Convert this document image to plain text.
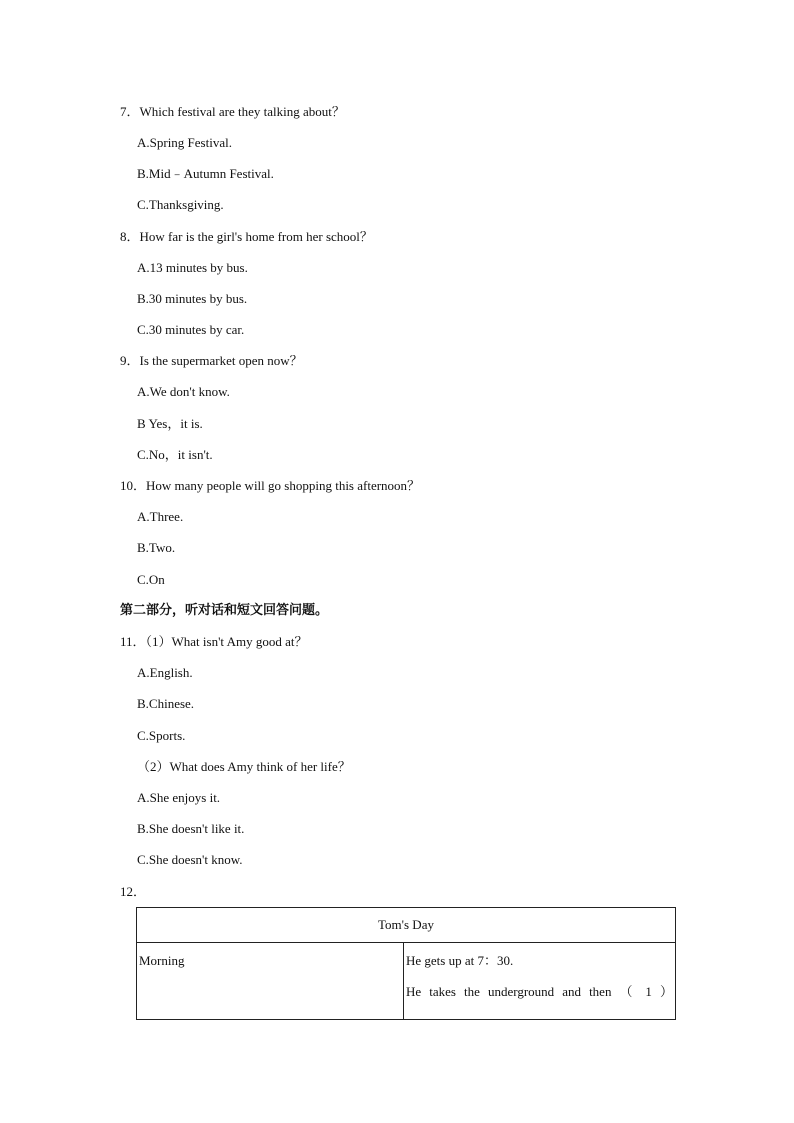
7．Which festival are they talking about？
A.Spring Festival.
B.Mid﹣Autumn Festival.
C.Thanksgiving.
8．How far is the girl's home from her school？
A.13 minutes by bus.
B.30 minutes by bus.
C.30 minutes by car.
9．Is the supermarket open now？
A.We don't know.
B Yes，it is.
C.No，it isn't.
10．How many people will go shopping this afternoon？
A.Three.
B.Two.
C.On
第二部分，听对话和短文回答问题。
11．（1）What isn't Amy good at？
A.English.
B.Chinese.
C.Sports.
（2）What does Amy think of her life？
A.She enjoys it.
B.She doesn't like it.
C.She doesn't know.
12．
Tom's Day
Morning	He gets up at 7：30.
He takes the underground and then （ 1 ）
